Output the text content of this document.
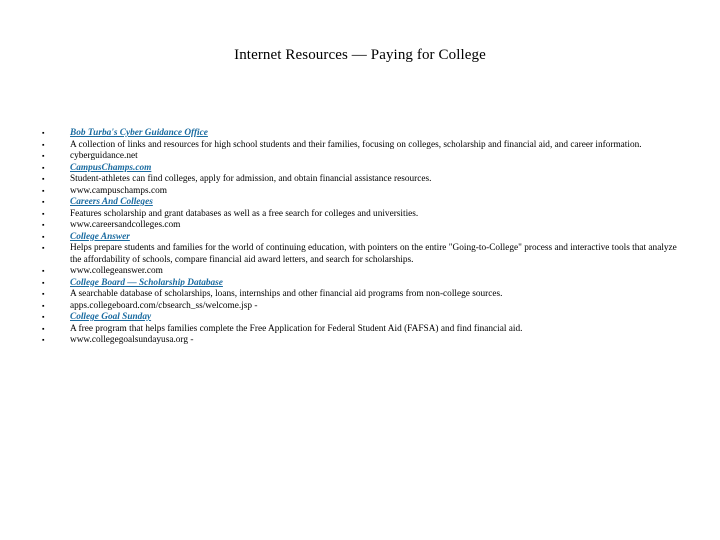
Internet Resources — Paying for College
▪	Bob Turba's Cyber Guidance Office
▪	A collection of links and resources for high school students and their families, focusing on colleges, scholarship and financial aid, and career information.
▪	cyberguidance.net
▪	CampusChamps.com
▪	Student-athletes can find colleges, apply for admission, and obtain financial assistance resources.
▪	www.campuschamps.com
▪	Careers And Colleges
▪	Features scholarship and grant databases as well as a free search for colleges and universities.
▪	www.careersandcolleges.com
▪	College Answer
▪	Helps prepare students and families for the world of continuing education, with pointers on the entire "Going-to-College" process and interactive tools that analyze the affordability of schools, compare financial aid award letters, and search for scholarships.
▪	www.collegeanswer.com
▪	College Board — Scholarship Database
▪	A searchable database of scholarships, loans, internships and other financial aid programs from non-college sources.
▪	apps.collegeboard.com/cbsearch_ss/welcome.jsp -
▪	College Goal Sunday
▪	A free program that helps families complete the Free Application for Federal Student Aid (FAFSA) and find financial aid.
▪	www.collegegoalsundayusa.org -
